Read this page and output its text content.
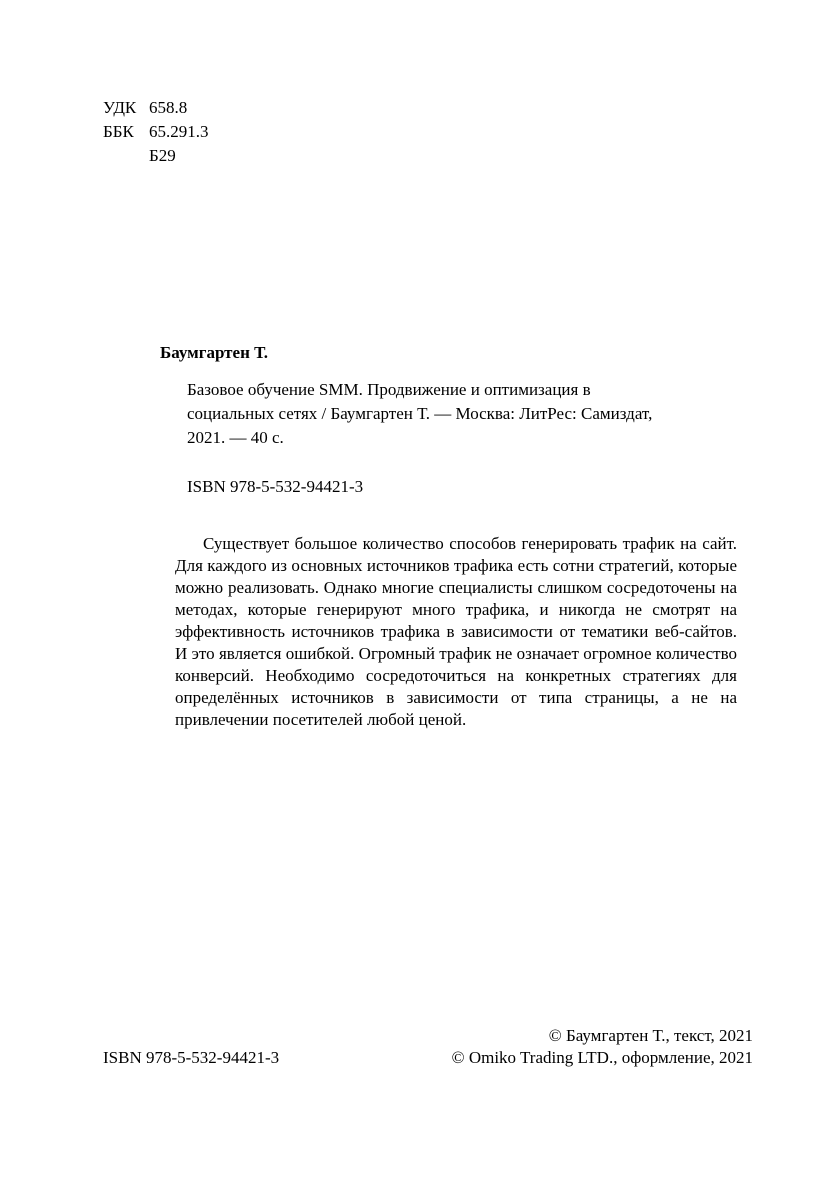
УДК 658.8
ББК 65.291.3
Б29
Баумгартен Т.
Базовое обучение SMM. Продвижение и оптимизация в социальных сетях / Баумгартен Т. — Москва: ЛитРес: Самиздат, 2021. — 40 с.
ISBN 978-5-532-94421-3
Существует большое количество способов генерировать трафик на сайт. Для каждого из основных источников трафика есть сотни стратегий, которые можно реализовать. Однако многие специалисты слишком сосредоточены на методах, которые генерируют много трафика, и никогда не смотрят на эффективность источников трафика в зависимости от тематики веб-сайтов. И это является ошибкой. Огромный трафик не означает огромное количество конверсий. Необходимо сосредоточиться на конкретных стратегиях для определённых источников в зависимости от типа страницы, а не на привлечении посетителей любой ценой.
© Баумгартен Т., текст, 2021
© Omiko Trading LTD., оформление, 2021
ISBN 978-5-532-94421-3
